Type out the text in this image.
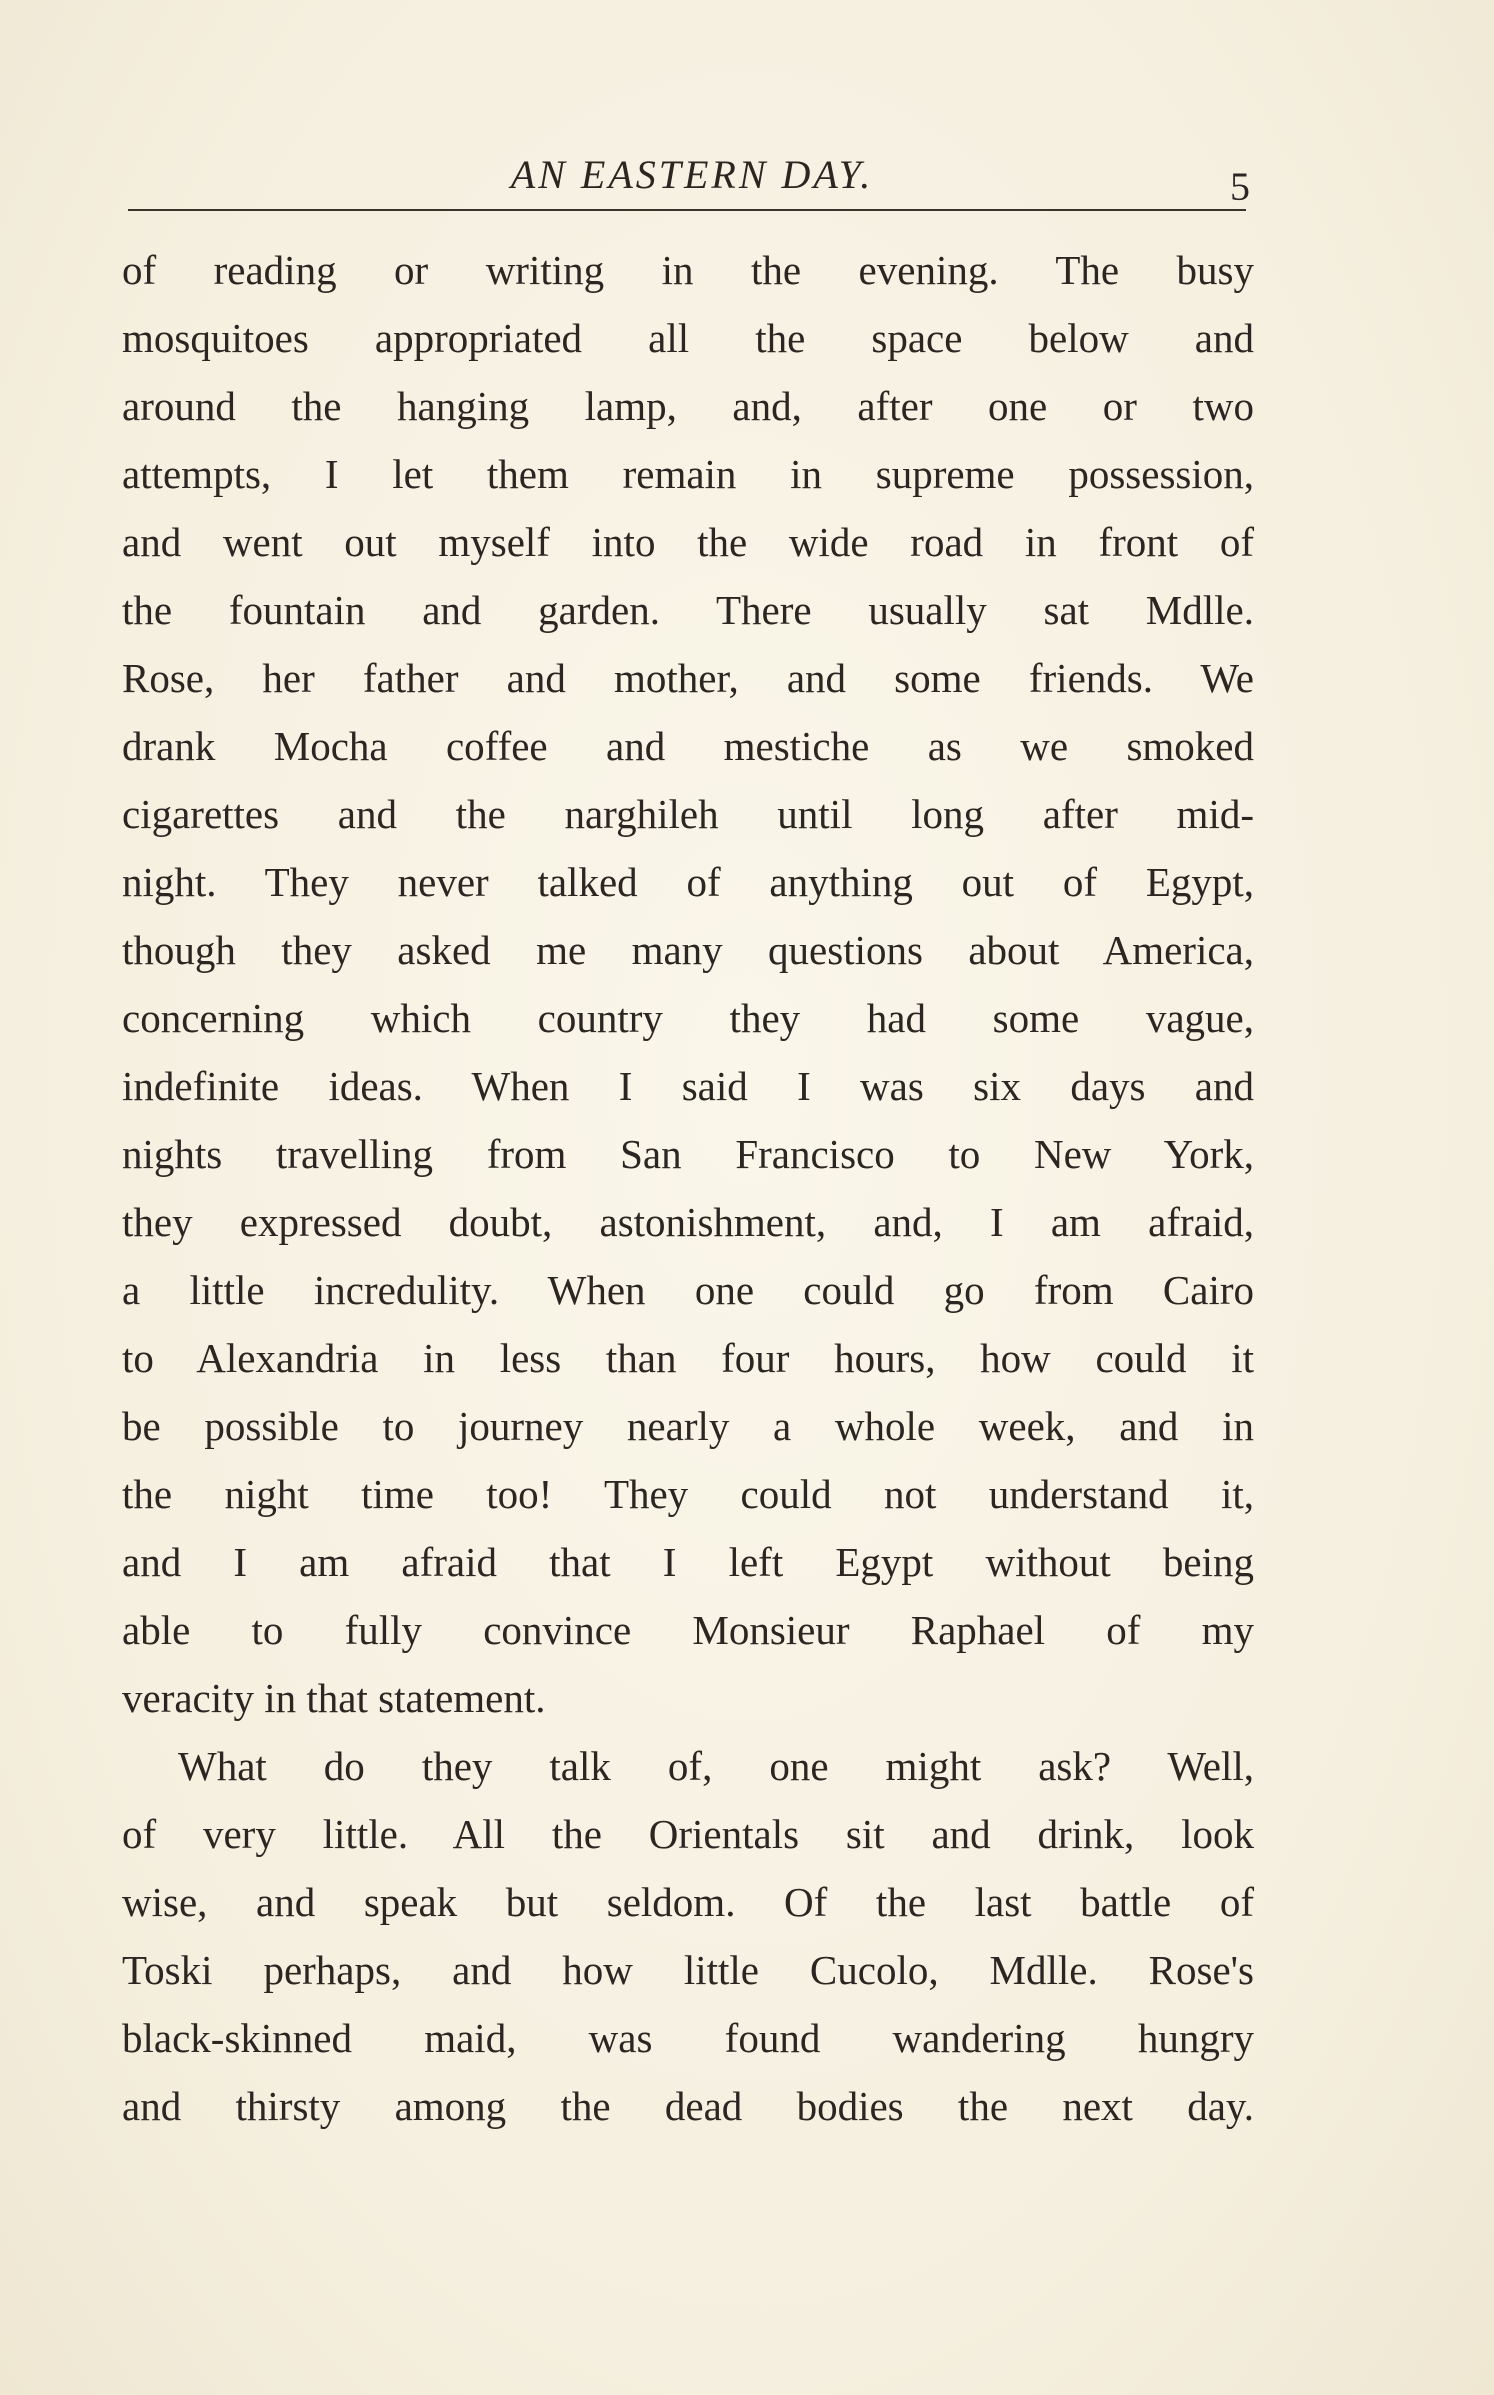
AN EASTERN DAY.	5
of reading or writing in the evening. The busy
mosquitoes appropriated all the space below and
around the hanging lamp, and, after one or two
attempts, I let them remain in supreme possession,
and went out myself into the wide road in front of
the fountain and garden. There usually sat Mdlle.
Rose, her father and mother, and some friends. We
drank Mocha coffee and mestiche as we smoked
cigarettes and the narghileh until long after mid-
night. They never talked of anything out of Egypt,
though they asked me many questions about America,
concerning which country they had some vague,
indefinite ideas. When I said I was six days and
nights travelling from San Francisco to New York,
they expressed doubt, astonishment, and, I am afraid,
a little incredulity. When one could go from Cairo
to Alexandria in less than four hours, how could it
be possible to journey nearly a whole week, and in
the night time too! They could not understand it,
and I am afraid that I left Egypt without being
able to fully convince Monsieur Raphael of my
veracity in that statement.
What do they talk of, one might ask? Well,
of very little. All the Orientals sit and drink, look
wise, and speak but seldom. Of the last battle of
Toski perhaps, and how little Cucolo, Mdlle. Rose's
black-skinned maid, was found wandering hungry
and thirsty among the dead bodies the next day.
